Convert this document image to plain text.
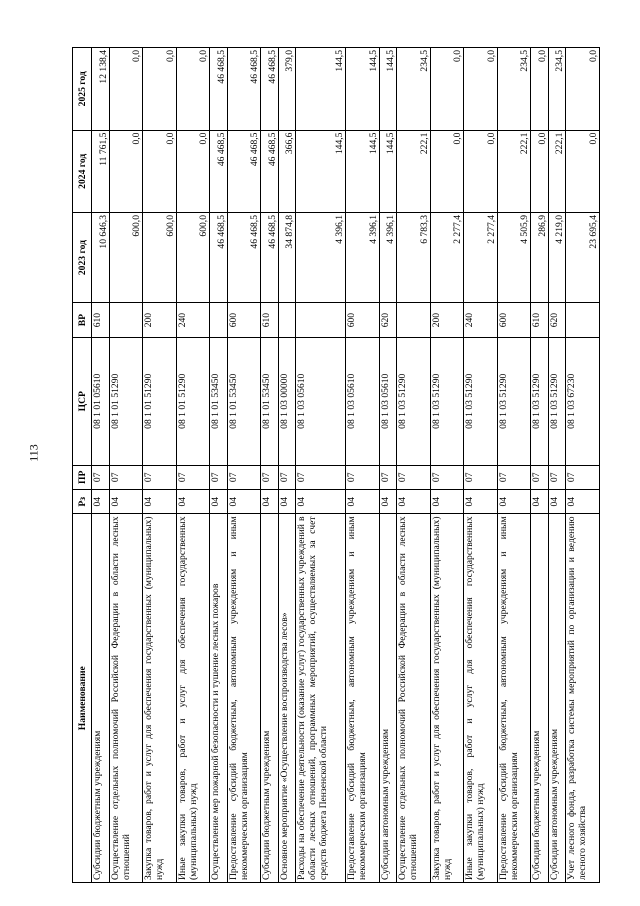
113
Наименование	Рз	ПР	ЦСР	ВР	2023 год	2024 год	2025 год
Субсидии бюджетным учреждениям	04	07	08 1 01 05610	610	10 646,3	11 761,5	12 138,4
Осуществление отдельных полномочий Российской Федерации в области лесных отношений	04	07	08 1 01 51290		600,0	0,0	0,0
Закупка товаров, работ и услуг для обеспечения государственных (муниципальных) нужд	04	07	08 1 01 51290	200	600,0	0,0	0,0
Иные закупки товаров, работ и услуг для обеспечения государственных (муниципальных) нужд	04	07	08 1 01 51290	240	600,0	0,0	0,0
Осуществление мер пожарной безопасности и тушение лесных пожаров	04	07	08 1 01 53450		46 468,5	46 468,5	46 468,5
Предоставление субсидий бюджетным, автономным учреждениям и иным некоммерческим организациям	04	07	08 1 01 53450	600	46 468,5	46 468,5	46 468,5
Субсидии бюджетным учреждениям	04	07	08 1 01 53450	610	46 468,5	46 468,5	46 468,5
Основное мероприятие «Осуществление воспроизводства лесов»	04	07	08 1 03 00000		34 874,8	366,6	379,0
Расходы на обеспечение деятельности (оказание услуг) государственных учреждений в области лесных отношений, программных мероприятий, осуществляемых за счет средств бюджета Пензенской области	04	07	08 1 03 05610		4 396,1	144,5	144,5
Предоставление субсидий бюджетным, автономным учреждениям и иным некоммерческим организациям	04	07	08 1 03 05610	600	4 396,1	144,5	144,5
Субсидии автономным учреждениям	04	07	08 1 03 05610	620	4 396,1	144,5	144,5
Осуществление отдельных полномочий Российской Федерации в области лесных отношений	04	07	08 1 03 51290		6 783,3	222,1	234,5
Закупка товаров, работ и услуг для обеспечения государственных (муниципальных) нужд	04	07	08 1 03 51290	200	2 277,4	0,0	0,0
Иные закупки товаров, работ и услуг для обеспечения государственных (муниципальных) нужд	04	07	08 1 03 51290	240	2 277,4	0,0	0,0
Предоставление субсидий бюджетным, автономным учреждениям и иным некоммерческим организациям	04	07	08 1 03 51290	600	4 505,9	222,1	234,5
Субсидии бюджетным учреждениям	04	07	08 1 03 51290	610	286,9	0,0	0,0
Субсидии автономным учреждениям	04	07	08 1 03 51290	620	4 219,0	222,1	234,5
Учет лесного фонда, разработка системы мероприятий по организации и ведению лесного хозяйства	04	07	08 1 03 67230		23 695,4	0,0	0,0
